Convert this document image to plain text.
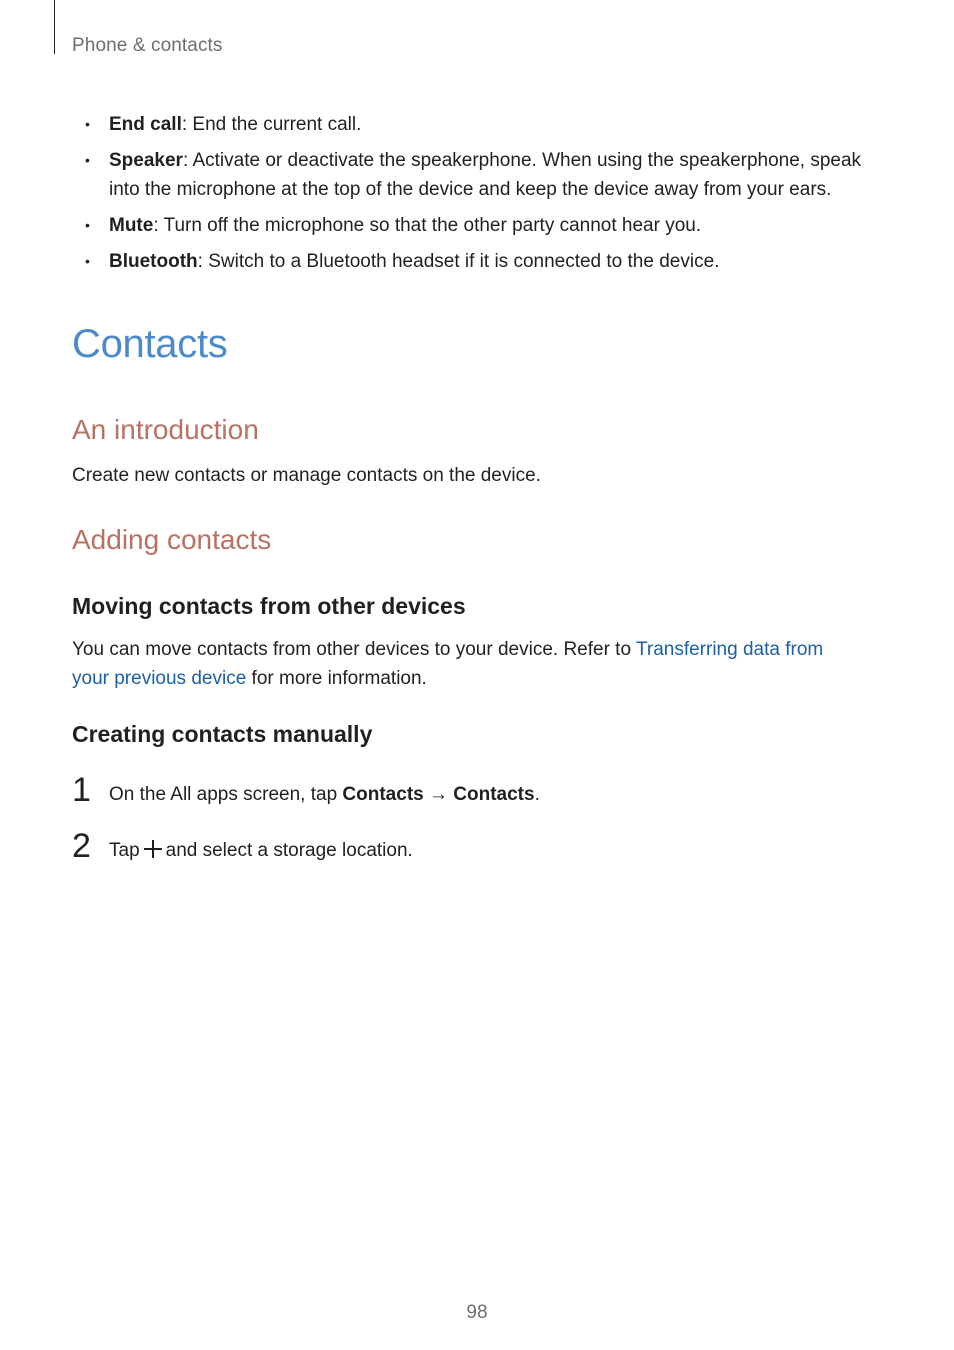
Phone & contacts
• End call: End the current call.
• Speaker: Activate or deactivate the speakerphone. When using the speakerphone, speak into the microphone at the top of the device and keep the device away from your ears.
• Mute: Turn off the microphone so that the other party cannot hear you.
• Bluetooth: Switch to a Bluetooth headset if it is connected to the device.
Contacts
An introduction

Create new contacts or manage contacts on the device.

Adding contacts
Moving contacts from other devices

You can move contacts from other devices to your device. Refer to Transferring data from your previous device for more information.

Creating contacts manually
1 On the All apps screen, tap Contacts → Contacts.
2 Tap and select a storage location.
98
